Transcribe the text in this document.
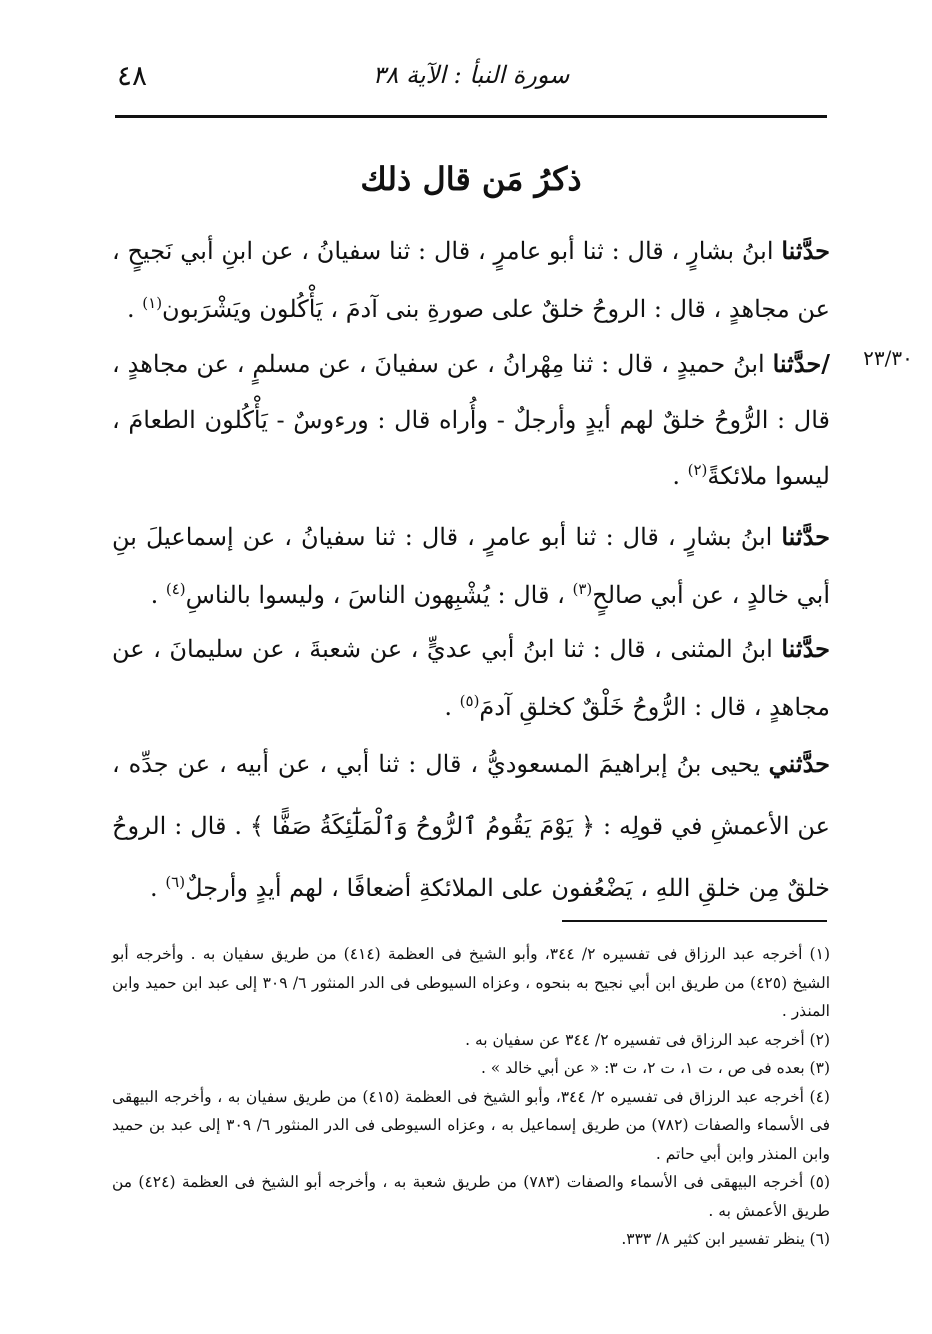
٤٨	سورة النبأ : الآية ٣٨
ذكرُ مَن قال ذلك
٢٣/٣٠

حدَّثنا ابنُ بشارٍ ، قال : ثنا أبو عامرٍ ، قال : ثنا سفيانُ ، عن ابنِ أبي نَجيحٍ ، عن مجاهدٍ ، قال : الروحُ خلقٌ على صورةِ بنى آدمَ ، يَأْكُلون ويَشْرَبون$^{(١)}$ .

/حدَّثنا ابنُ حميدٍ ، قال : ثنا مِهْرانُ ، عن سفيانَ ، عن مسلمٍ ، عن مجاهدٍ ، قال : الرُّوحُ خلقٌ لهم أيدٍ وأرجلٌ - وأُراه قال : ورءوسٌ - يَأْكُلون الطعامَ ، ليسوا ملائكةً$^{(٢)}$ .

حدَّثنا ابنُ بشارٍ ، قال : ثنا أبو عامرٍ ، قال : ثنا سفيانُ ، عن إسماعيلَ بنِ أبي خالدٍ ، عن أبي صالحٍ$^{(٣)}$ ، قال : يُشْبِهون الناسَ ، وليسوا بالناسِ$^{(٤)}$ .

حدَّثنا ابنُ المثنى ، قال : ثنا ابنُ أبي عديٍّ ، عن شعبةَ ، عن سليمانَ ، عن مجاهدٍ ، قال : الرُّوحُ خَلْقٌ كخلقِ آدمَ$^{(٥)}$ .

حدَّثني يحيى بنُ إبراهيمَ المسعوديُّ ، قال : ثنا أبي ، عن أبيه ، عن جدِّه ، عن الأعمشِ في قولِه : ﴿ يَوْمَ يَقُومُ ٱلرُّوحُ وَٱلْمَلَٰٓئِكَةُ صَفًّا ﴾ . قال : الروحُ خلقٌ مِن خلقِ اللهِ ، يَضْعُفون على الملائكةِ أضعافًا ، لهم أيدٍ وأرجلٌ$^{(٦)}$ .

(١) أخرجه عبد الرزاق فى تفسيره ٢/ ٣٤٤، وأبو الشيخ فى العظمة (٤١٤) من طريق سفيان به . وأخرجه أبو الشيخ (٤٢٥) من طريق ابن أبي نجيح به بنحوه ، وعزاه السيوطى فى الدر المنثور ٦/ ٣٠٩ إلى عبد ابن حميد وابن المنذر .

(٢) أخرجه عبد الرزاق فى تفسيره ٢/ ٣٤٤ عن سفيان به .

(٣) بعده فى ص ، ت ١، ت ٢، ت ٣: « عن أبي خالد » .

(٤) أخرجه عبد الرزاق فى تفسيره ٢/ ٣٤٤، وأبو الشيخ فى العظمة (٤١٥) من طريق سفيان به ، وأخرجه البيهقى فى الأسماء والصفات (٧٨٢) من طريق إسماعيل به ، وعزاه السيوطى فى الدر المنثور ٦/ ٣٠٩ إلى عبد بن حميد وابن المنذر وابن أبي حاتم .

(٥) أخرجه البيهقى فى الأسماء والصفات (٧٨٣) من طريق شعبة به ، وأخرجه أبو الشيخ فى العظمة (٤٢٤) من طريق الأعمش به .

(٦) ينظر تفسير ابن كثير ٨/ ٣٣٣.
